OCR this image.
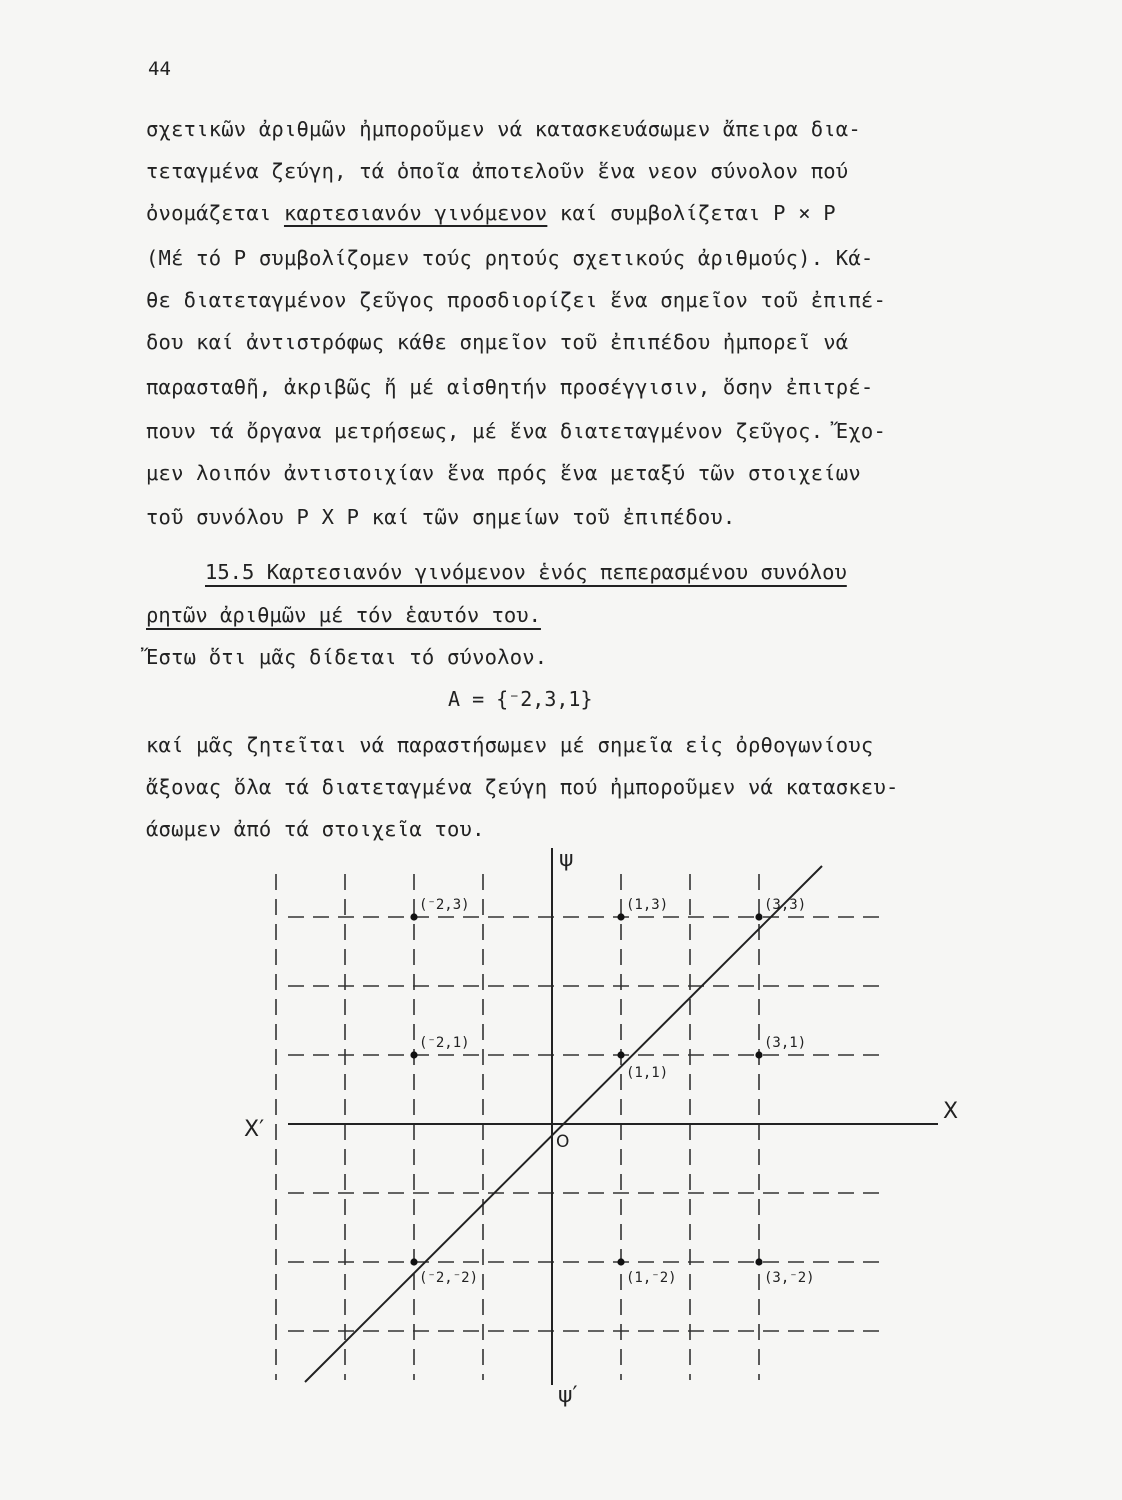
44
σχετικῶν ἀριθμῶν ἠμποροῦμεν νά κατασκευάσωμεν ἄπειρα δια-
τεταγμένα ζεύγη, τά ὁποῖα ἀποτελοῦν ἕνα νεον σύνολον πού
ὀνομάζεται καρτεσιανόν γινόμενον καί συμβολίζεται P × P
(Μέ τό P συμβολίζομεν τούς ρητούς σχετικούς ἀριθμούς). Κά-
θε διατεταγμένον ζεῦγος προσδιορίζει ἕνα σημεῖον τοῦ ἐπιπέ-
δου καί ἀντιστρόφως κάθε σημεῖον τοῦ ἐπιπέδου ἠμπορεῖ νά
παρασταθῆ, ἀκριβῶς ἤ μέ αἰσθητήν προσέγγισιν, ὅσην ἐπιτρέ-
πουν τά ὄργανα μετρήσεως, μέ ἕνα διατεταγμένον ζεῦγος. Ἔχο-
μεν λοιπόν ἀντιστοιχίαν ἕνα πρός ἕνα μεταξύ τῶν στοιχείων
τοῦ συνόλου P X P καί τῶν σημείων τοῦ ἐπιπέδου.
15.5 Καρτεσιανόν γινόμενον ἑνός πεπερασμένου συνόλου
ρητῶν ἀριθμῶν μέ τόν ἑαυτόν του.
Ἔστω ὅτι μᾶς δίδεται τό σύνολον.
A = {⁻2,3,1}
καί μᾶς ζητεῖται νά παραστήσωμεν μέ σημεῖα εἰς ὀρθογωνίους
ἄξονας ὅλα τά διατεταγμένα ζεύγη πού ἠμποροῦμεν νά κατασκευ-
άσωμεν ἀπό τά στοιχεῖα του.
X
X′
ψ
ψ′
O
(⁻2,3)	(1,3)	(3,3)
(⁻2,1)
(1,1)
(3,1)
(⁻2,⁻2)	(1,⁻2)	(3,⁻2)
